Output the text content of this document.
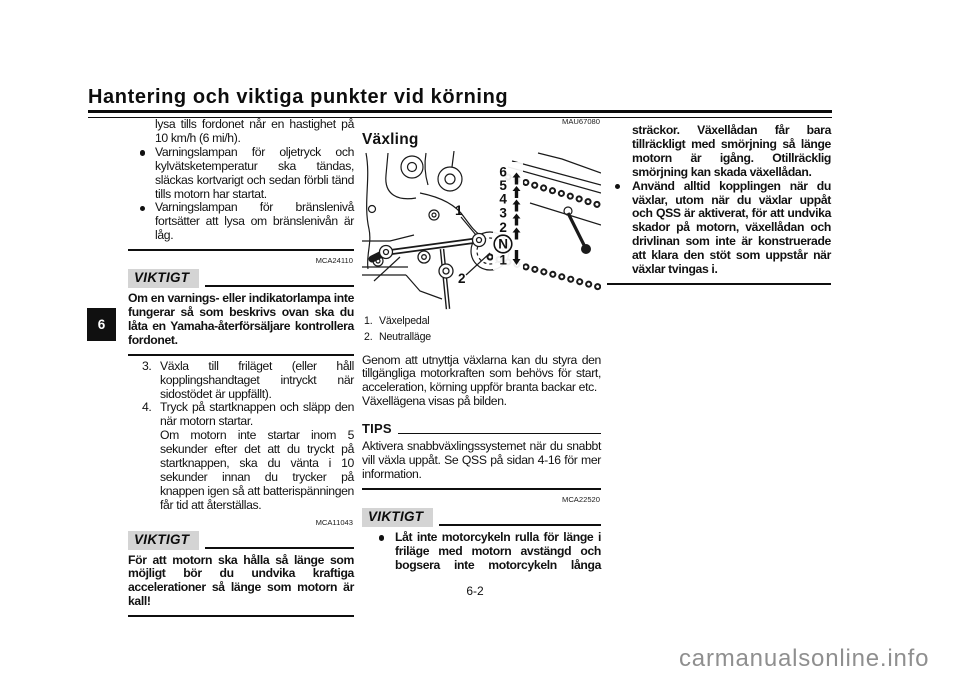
Hantering och viktiga punkter vid körning
6

lysa tills fordonet når en hastighet på 10 km/h (6 mi/h).

Varningslampan för oljetryck och kylvätsketemperatur ska tändas, släckas kortvarigt och sedan förbli tänd tills motorn har startat.
Varningslampan för bränslenivå fortsätter att lysa om bränslenivån är låg.
MCA24110
VIKTIGT

Om en varnings- eller indikatorlampa inte fungerar så som beskrivs ovan ska du låta en Yamaha-återförsäljare kontrollera fordonet.

3. Växla till friläget (eller håll kopplingshandtaget intryckt när sidostödet är uppfällt).
4. Tryck på startknappen och släpp den när motorn startar.
Om motorn inte startar inom 5 sekunder efter det att du tryckt på startknappen, ska du vänta i 10 sekunder innan du trycker på knappen igen så att batterispänningen får tid att återställas.
MCA11043
VIKTIGT

För att motorn ska hålla så länge som möjligt bör du undvika kraftiga accelerationer så länge som motorn är kall!

MAU67080
Växling
6
5
4
3
2
N
1
1
2
1. Växelpedal
2. Neutralläge

Genom att utnyttja växlarna kan du styra den tillgängliga motorkraften som behövs för start, acceleration, körning uppför branta backar etc.

Växellägena visas på bilden.

TIPS

Aktivera snabbväxlingssystemet när du snabbt vill växla uppåt. Se QSS på sidan 4-16 för mer information.

MCA22520
VIKTIGT
Låt inte motorcykeln rulla för länge i friläge med motorn avstängd och bogsera inte motorcykeln långa

sträckor. Växellådan får bara tillräckligt med smörjning så länge motorn är igång. Otillräcklig smörjning kan skada växellådan.

Använd alltid kopplingen när du växlar, utom när du växlar uppåt och QSS är aktiverat, för att undvika skador på motorn, växellådan och drivlinan som inte är konstruerade att klara den stöt som uppstår när växlar tvingas i.
6-2
carmanualsonline.info
